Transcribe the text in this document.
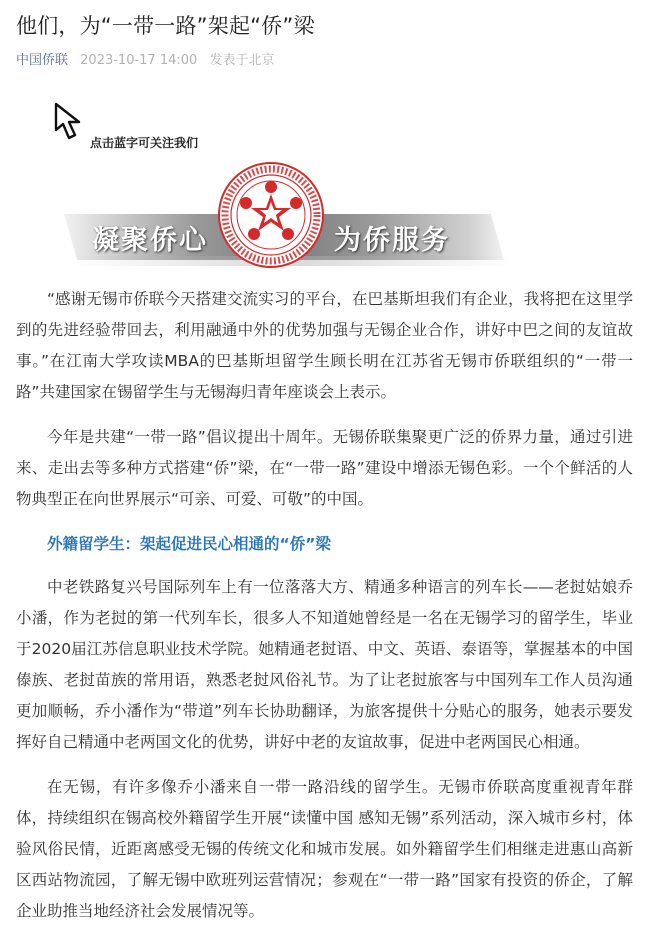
他们，为“一带一路”架起“侨”梁
中国侨联 2023-10-17 14:00 发表于北京
点击蓝字可关注我们
凝聚侨心	为侨服务

“感谢无锡市侨联今天搭建交流实习的平台，在巴基斯坦我们有企业，我将把在这里学到的先进经验带回去，利用融通中外的优势加强与无锡企业合作，讲好中巴之间的友谊故事。”在江南大学攻读MBA的巴基斯坦留学生顾长明在江苏省无锡市侨联组织的“一带一路”共建国家在锡留学生与无锡海归青年座谈会上表示。

今年是共建“一带一路”倡议提出十周年。无锡侨联集聚更广泛的侨界力量，通过引进来、走出去等多种方式搭建“侨”梁，在“一带一路”建设中增添无锡色彩。一个个鲜活的人物典型正在向世界展示“可亲、可爱、可敬”的中国。

外籍留学生：架起促进民心相通的“侨”梁

中老铁路复兴号国际列车上有一位落落大方、精通多种语言的列车长——老挝姑娘乔小潘，作为老挝的第一代列车长，很多人不知道她曾经是一名在无锡学习的留学生，毕业于2020届江苏信息职业技术学院。她精通老挝语、中文、英语、泰语等，掌握基本的中国傣族、老挝苗族的常用语，熟悉老挝风俗礼节。为了让老挝旅客与中国列车工作人员沟通更加顺畅，乔小潘作为“带道”列车长协助翻译，为旅客提供十分贴心的服务，她表示要发挥好自己精通中老两国文化的优势，讲好中老的友谊故事，促进中老两国民心相通。

在无锡，有许多像乔小潘来自一带一路沿线的留学生。无锡市侨联高度重视青年群体，持续组织在锡高校外籍留学生开展“读懂中国 感知无锡”系列活动，深入城市乡村，体验风俗民情，近距离感受无锡的传统文化和城市发展。如外籍留学生们相继走进惠山高新区西站物流园，了解无锡中欧班列运营情况；参观在“一带一路”国家有投资的侨企，了解企业助推当地经济社会发展情况等。
